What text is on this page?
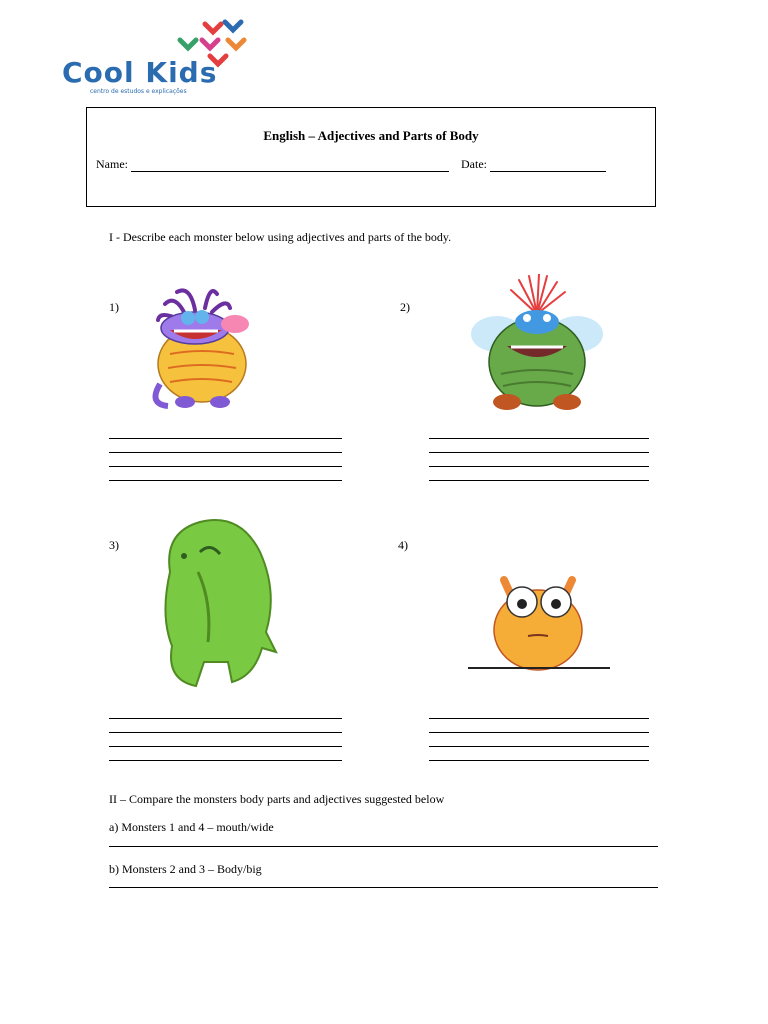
Cool Kids
centro de estudos e explicações
English – Adjectives and Parts of Body
Name:	Date:
I - Describe each monster below using adjectives and parts of the body.
1)	2)
3)	4)
II – Compare the monsters body parts and adjectives suggested below
a) Monsters 1 and 4 – mouth/wide
b) Monsters 2 and 3 – Body/big
